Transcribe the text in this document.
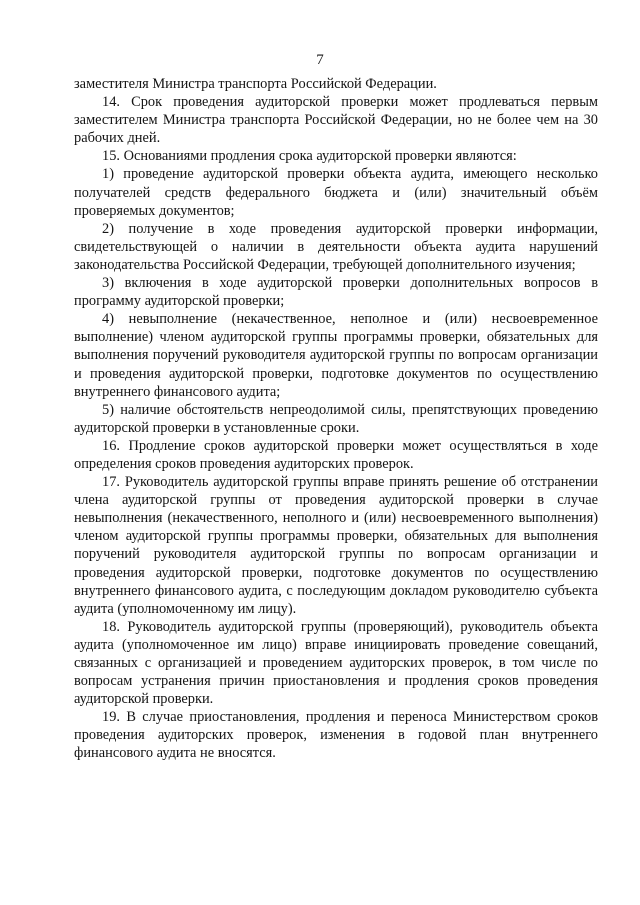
7

заместителя Министра транспорта Российской Федерации.

14. Срок проведения аудиторской проверки может продлеваться первым заместителем Министра транспорта Российской Федерации, но не более чем на 30 рабочих дней.

15. Основаниями продления срока аудиторской проверки являются:

1) проведение аудиторской проверки объекта аудита, имеющего несколько получателей средств федерального бюджета и (или) значительный объём проверяемых документов;

2) получение в ходе проведения аудиторской проверки информации, свидетельствующей о наличии в деятельности объекта аудита нарушений законодательства Российской Федерации, требующей дополнительного изучения;

3) включения в ходе аудиторской проверки дополнительных вопросов в программу аудиторской проверки;

4) невыполнение (некачественное, неполное и (или) несвоевременное выполнение) членом аудиторской группы программы проверки, обязательных для выполнения поручений руководителя аудиторской группы по вопросам организации и проведения аудиторской проверки, подготовке документов по осуществлению внутреннего финансового аудита;

5) наличие обстоятельств непреодолимой силы, препятствующих проведению аудиторской проверки в установленные сроки.

16. Продление сроков аудиторской проверки может осуществляться в ходе определения сроков проведения аудиторских проверок.

17. Руководитель аудиторской группы вправе принять решение об отстранении члена аудиторской группы от проведения аудиторской проверки в случае невыполнения (некачественного, неполного и (или) несвоевременного выполнения) членом аудиторской группы программы проверки, обязательных для выполнения поручений руководителя аудиторской группы по вопросам организации и проведения аудиторской проверки, подготовке документов по осуществлению внутреннего финансового аудита, с последующим докладом руководителю субъекта аудита (уполномоченному им лицу).

18. Руководитель аудиторской группы (проверяющий), руководитель объекта аудита (уполномоченное им лицо) вправе инициировать проведение совещаний, связанных с организацией и проведением аудиторских проверок, в том числе по вопросам устранения причин приостановления и продления сроков проведения аудиторской проверки.

19. В случае приостановления, продления и переноса Министерством сроков проведения аудиторских проверок, изменения в годовой план внутреннего финансового аудита не вносятся.
